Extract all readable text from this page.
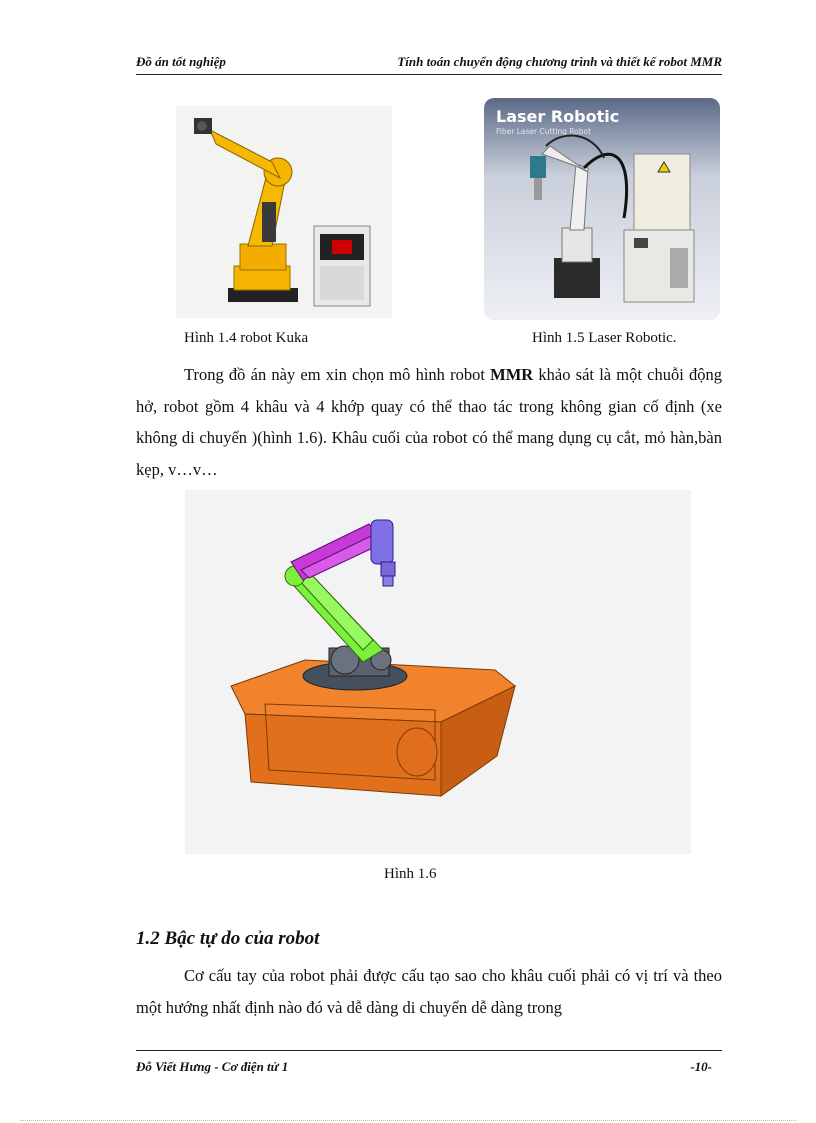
Đồ án tốt nghiệp	Tính toán chuyển động chương trình và thiết kế robot MMR
Laser Robotic
Fiber Laser Cutting Robot
Hình 1.4 robot Kuka	Hình 1.5 Laser Robotic.

Trong đồ án này em xin chọn mô hình robot MMR khảo sát là một chuỗi động hở, robot gồm 4 khâu và 4 khớp quay có thể thao tác trong không gian cố định (xe không di chuyển )(hình 1.6). Khâu cuối của robot có thể mang dụng cụ cắt, mỏ hàn,bàn kẹp, v…v…

Hình 1.6
1.2 Bậc tự do của robot

Cơ cấu tay của robot phải được cấu tạo sao cho khâu cuối phải có vị trí và theo một hướng nhất định nào đó và dễ dàng di chuyển dễ dàng trong

Đỗ Viết Hưng - Cơ điện tử 1	-10-
